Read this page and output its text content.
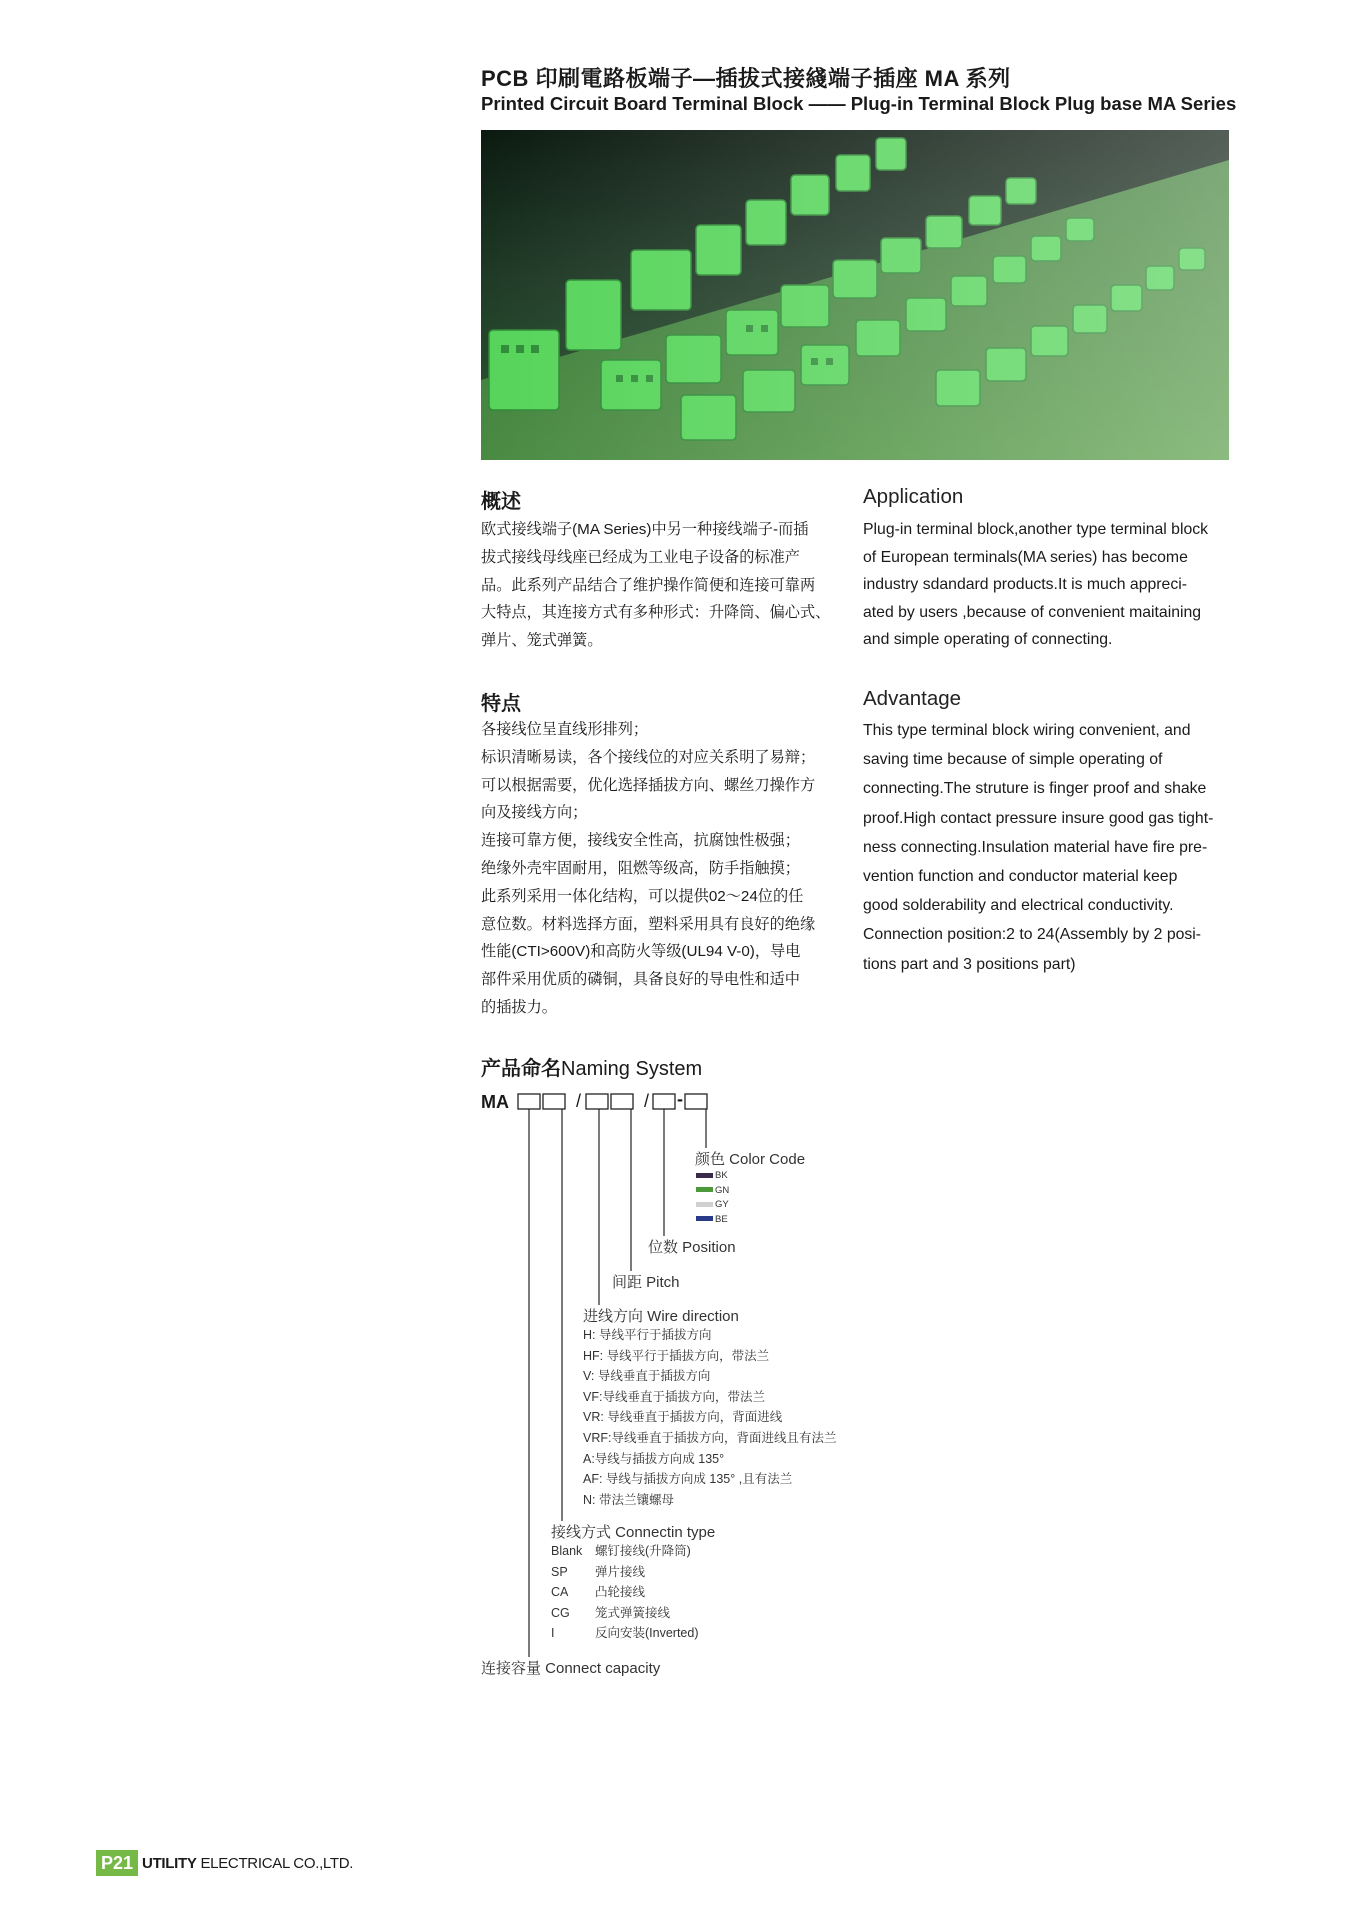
PCB 印刷電路板端子—插拔式接綫端子插座 MA 系列
Printed Circuit Board Terminal Block —— Plug-in Terminal Block Plug base MA Series
概述
欧式接线端子(MA Series)中另一种接线端子-而插
拔式接线母线座已经成为工业电子设备的标准产
品。此系列产品结合了维护操作简便和连接可靠两
大特点，其连接方式有多种形式：升降筒、偏心式、
弹片、笼式弹簧。
Application
Plug-in terminal block,another type terminal block
of European terminals(MA series) has become
industry sdandard products.It is much appreci-
ated by users ,because of convenient maitaining
and simple operating of connecting.
特点
各接线位呈直线形排列；
标识清晰易读，各个接线位的对应关系明了易辩；
可以根据需要，优化选择插拔方向、螺丝刀操作方
向及接线方向；
连接可靠方便，接线安全性高，抗腐蚀性极强；
绝缘外壳牢固耐用，阻燃等级高，防手指触摸；
此系列采用一体化结构，可以提供02～24位的任
意位数。材料选择方面，塑料采用具有良好的绝缘
性能(CTI>600V)和高防火等级(UL94 V-0)，导电
部件采用优质的磷铜，具备良好的导电性和适中
的插拔力。
Advantage
This type terminal block wiring convenient, and
saving time because of simple operating of
connecting.The struture is finger proof and shake
proof.High contact pressure insure good gas tight-
ness connecting.Insulation material have fire pre-
vention function and conductor material keep
good solderability and electrical conductivity.
Connection position:2 to 24(Assembly by 2 posi-
tions part and 3 positions part)
产品命名Naming System
MA	/	/ -
颜色 Color Code
BK
GN
GY
BE
位数 Position
间距 Pitch
进线方向 Wire direction
H: 导线平行于插拔方向
HF: 导线平行于插拔方向，带法兰
V: 导线垂直于插拔方向
VF:导线垂直于插拔方向，带法兰
VR: 导线垂直于插拔方向，背面进线
VRF:导线垂直于插拔方向，背面进线且有法兰
A:导线与插拔方向成 135°
AF: 导线与插拔方向成 135° ,且有法兰
N: 带法兰镶螺母
接线方式 Connectin type
Blank 螺钉接线(升降筒)
SP 弹片接线
CA 凸轮接线
CG 笼式弹簧接线
I	反向安装(Inverted)
连接容量 Connect capacity
P21 UTILITY ELECTRICAL CO.,LTD.
